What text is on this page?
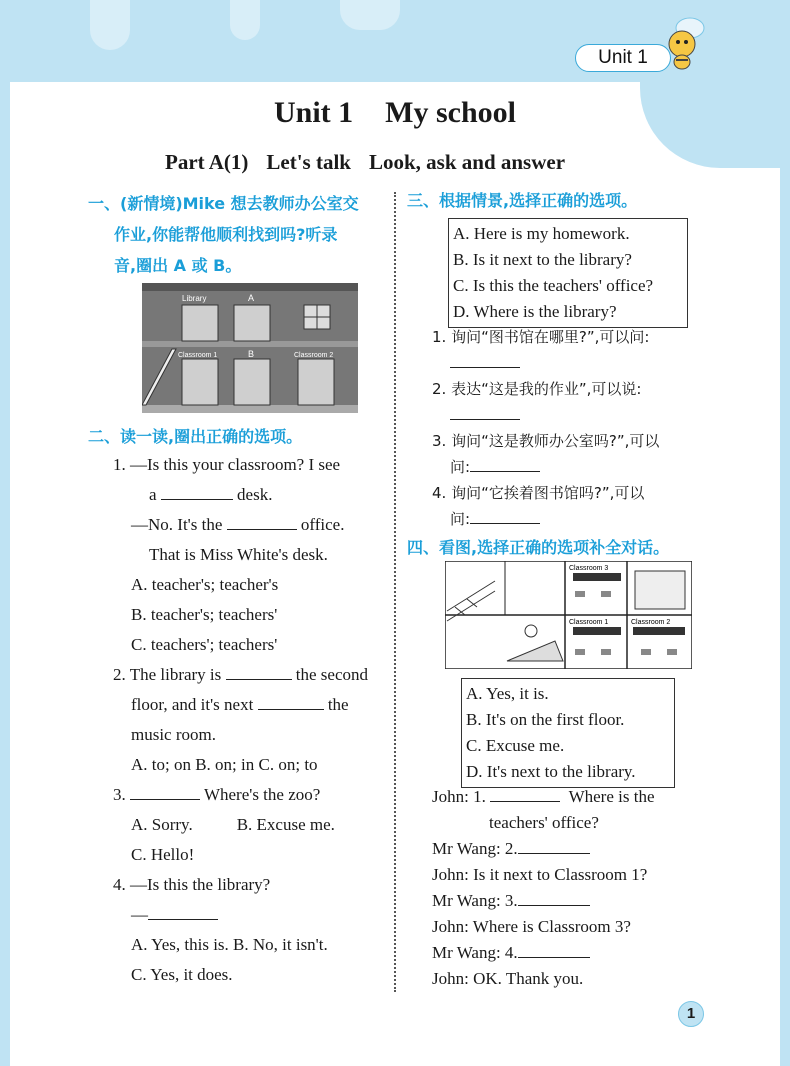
Unit 1
Unit 1 My school
Part A(1) Let's talk Look, ask and answer
一、(新情境)Mike 想去教师办公室交
作业,你能帮他顺利找到吗?听录
音,圈出 A 或 B。
Library	A
Classroom 1	B	Classroom 2
二、读一读,圈出正确的选项。
1. —Is this your classroom? I see
a	desk.
—No. It's the	office.
That is Miss White's desk.
A. teacher's; teacher's
B. teacher's; teachers'
C. teachers'; teachers'
2. The library is	the second
floor, and it's next	the
music room.
A. to; on B. on; in C. on; to
3.	Where's the zoo?
A. Sorry.	B. Excuse me.
C. Hello!
4. —Is this the library?
—
A. Yes, this is. B. No, it isn't.
C. Yes, it does.
三、根据情景,选择正确的选项。
A. Here is my homework.
B. Is it next to the library?
C. Is this the teachers' office?
D. Where is the library?
1. 询问“图书馆在哪里?”,可以问:
2. 表达“这是我的作业”,可以说:
3. 询问“这是教师办公室吗?”,可以
问:
4. 询问“它挨着图书馆吗?”,可以
问:
四、看图,选择正确的选项补全对话。
Classroom 3
Classroom 1	Classroom 2
A. Yes, it is.
B. It's on the first floor.
C. Excuse me.
D. It's next to the library.
John: 1.	Where is the
teachers' office?
Mr Wang: 2.
John: Is it next to Classroom 1?
Mr Wang: 3.
John: Where is Classroom 3?
Mr Wang: 4.
John: OK. Thank you.
1
